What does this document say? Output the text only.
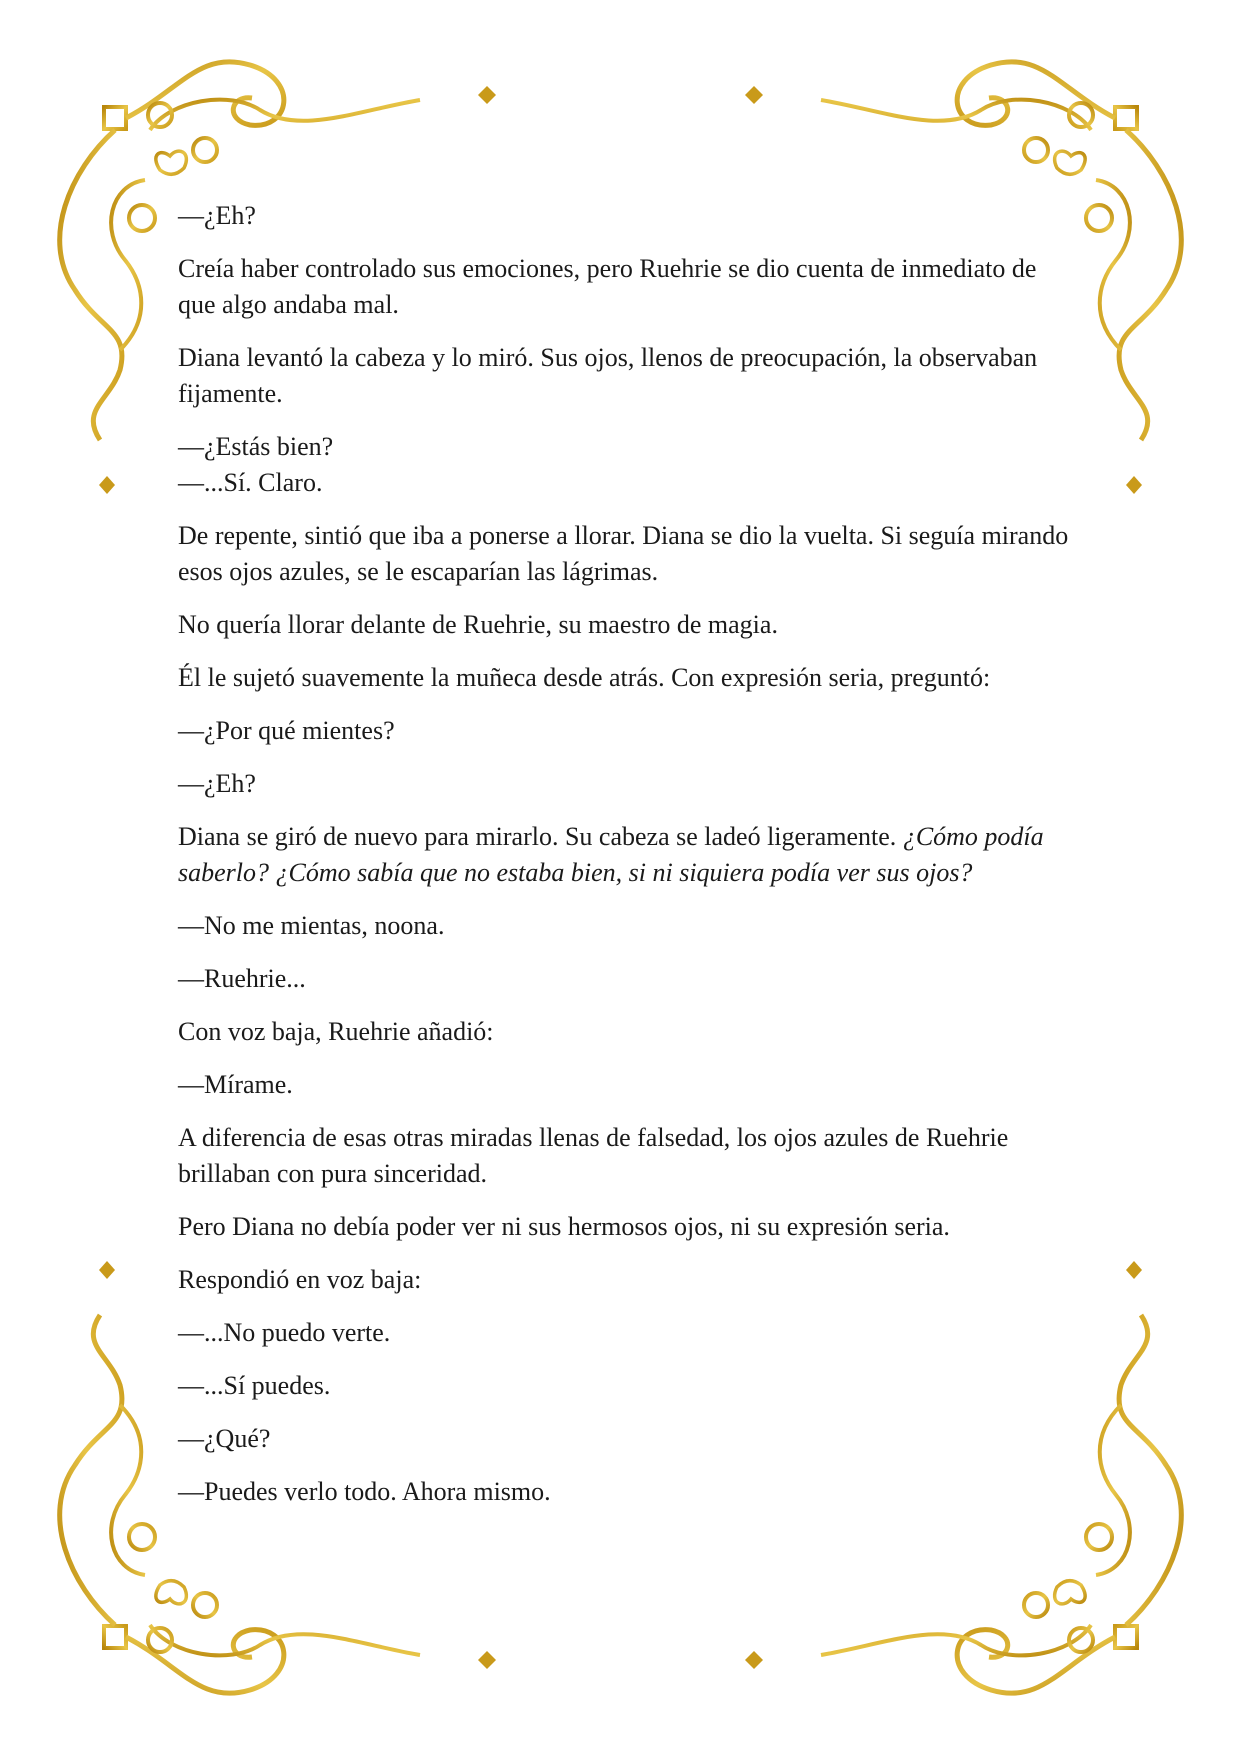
—¿Eh?

Creía haber controlado sus emociones, pero Ruehrie se dio cuenta de inmediato de que algo andaba mal.

Diana levantó la cabeza y lo miró. Sus ojos, llenos de preocupación, la observaban fijamente.

—¿Estás bien?

—...Sí. Claro.

De repente, sintió que iba a ponerse a llorar. Diana se dio la vuelta. Si seguía mirando esos ojos azules, se le escaparían las lágrimas.

No quería llorar delante de Ruehrie, su maestro de magia.

Él le sujetó suavemente la muñeca desde atrás. Con expresión seria, preguntó:

—¿Por qué mientes?

—¿Eh?

Diana se giró de nuevo para mirarlo. Su cabeza se ladeó ligeramente. ¿Cómo podía saberlo? ¿Cómo sabía que no estaba bien, si ni siquiera podía ver sus ojos?

—No me mientas, noona.

—Ruehrie...

Con voz baja, Ruehrie añadió:

—Mírame.

A diferencia de esas otras miradas llenas de falsedad, los ojos azules de Ruehrie brillaban con pura sinceridad.

Pero Diana no debía poder ver ni sus hermosos ojos, ni su expresión seria.

Respondió en voz baja:

—...No puedo verte.

—...Sí puedes.

—¿Qué?

—Puedes verlo todo. Ahora mismo.
